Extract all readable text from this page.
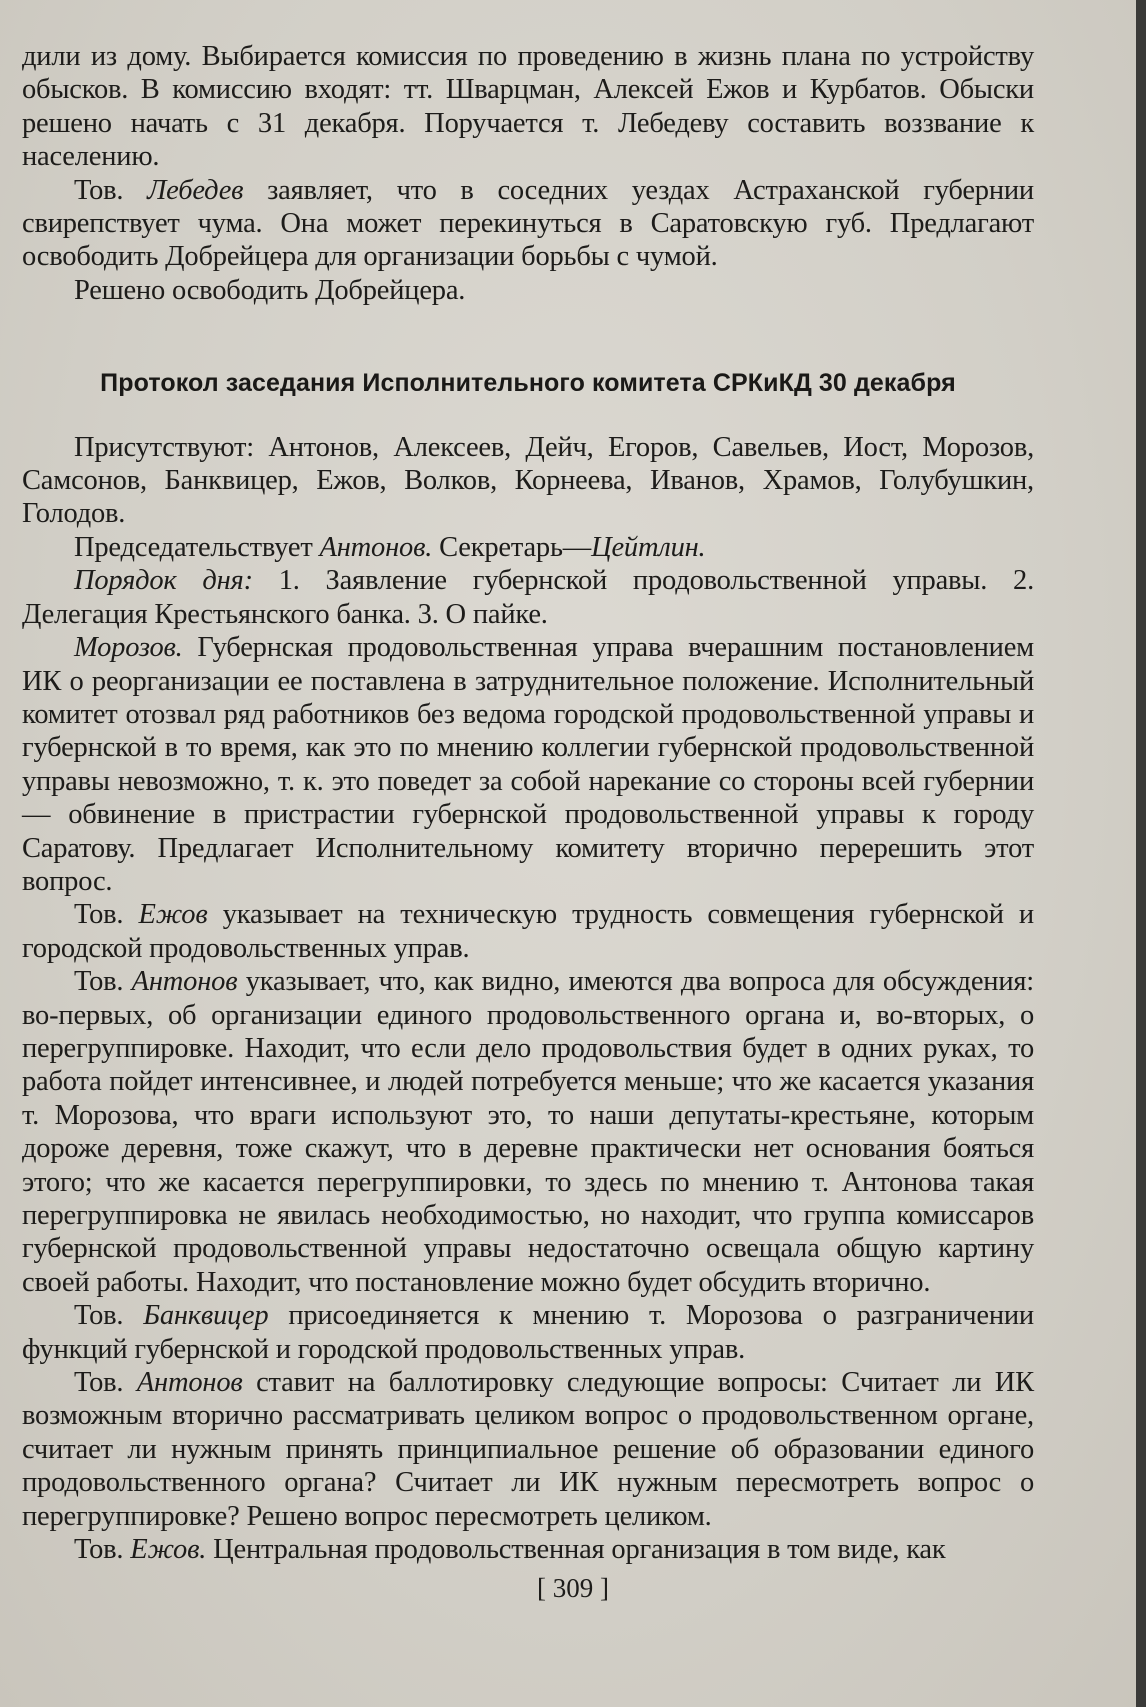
дили из дому. Выбирается комиссия по проведению в жизнь плана по устройству обысков. В комиссию входят: тт. Шварцман, Алексей Ежов и Курбатов. Обыски решено начать с 31 декабря. Поручается т. Лебедеву составить воззвание к населению.

Тов. Лебедев заявляет, что в соседних уездах Астраханской губернии свирепствует чума. Она может перекинуться в Саратовскую губ. Предлагают освободить Добрейцера для организации борьбы с чумой.

Решено освободить Добрейцера.

Протокол заседания Исполнительного комитета СРКиКД 30 декабря

Присутствуют: Антонов, Алексеев, Дейч, Егоров, Савельев, Иост, Морозов, Самсонов, Банквицер, Ежов, Волков, Корнеева, Иванов, Храмов, Голубушкин, Голодов.

Председательствует Антонов. Секретарь—Цейтлин.

Порядок дня: 1. Заявление губернской продовольственной управы. 2. Делегация Крестьянского банка. 3. О пайке.

Морозов. Губернская продовольственная управа вчерашним постановлением ИК о реорганизации ее поставлена в затруднительное положение. Исполнительный комитет отозвал ряд работников без ведома городской продовольственной управы и губернской в то время, как это по мнению коллегии губернской продовольственной управы невозможно, т. к. это поведет за собой нарекание со стороны всей губернии — обвинение в пристрастии губернской продовольственной управы к городу Саратову. Предлагает Исполнительному комитету вторично перерешить этот вопрос.

Тов. Ежов указывает на техническую трудность совмещения губернской и городской продовольственных управ.

Тов. Антонов указывает, что, как видно, имеются два вопроса для обсуждения: во-первых, об организации единого продовольственного органа и, во-вторых, о перегруппировке. Находит, что если дело продовольствия будет в одних руках, то работа пойдет интенсивнее, и людей потребуется меньше; что же касается указания т. Морозова, что враги используют это, то наши депутаты-крестьяне, которым дороже деревня, тоже скажут, что в деревне практически нет основания бояться этого; что же касается перегруппировки, то здесь по мнению т. Антонова такая перегруппировка не явилась необходимостью, но находит, что группа комиссаров губернской продовольственной управы недостаточно освещала общую картину своей работы. Находит, что постановление можно будет обсудить вторично.

Тов. Банквицер присоединяется к мнению т. Морозова о разграничении функций губернской и городской продовольственных управ.

Тов. Антонов ставит на баллотировку следующие вопросы: Считает ли ИК возможным вторично рассматривать целиком вопрос о продовольственном органе, считает ли нужным принять принципиальное решение об образовании единого продовольственного органа? Считает ли ИК нужным пересмотреть вопрос о перегруппировке? Решено вопрос пересмотреть целиком.

Тов. Ежов. Центральная продовольственная организация в том виде, как

[ 309 ]
